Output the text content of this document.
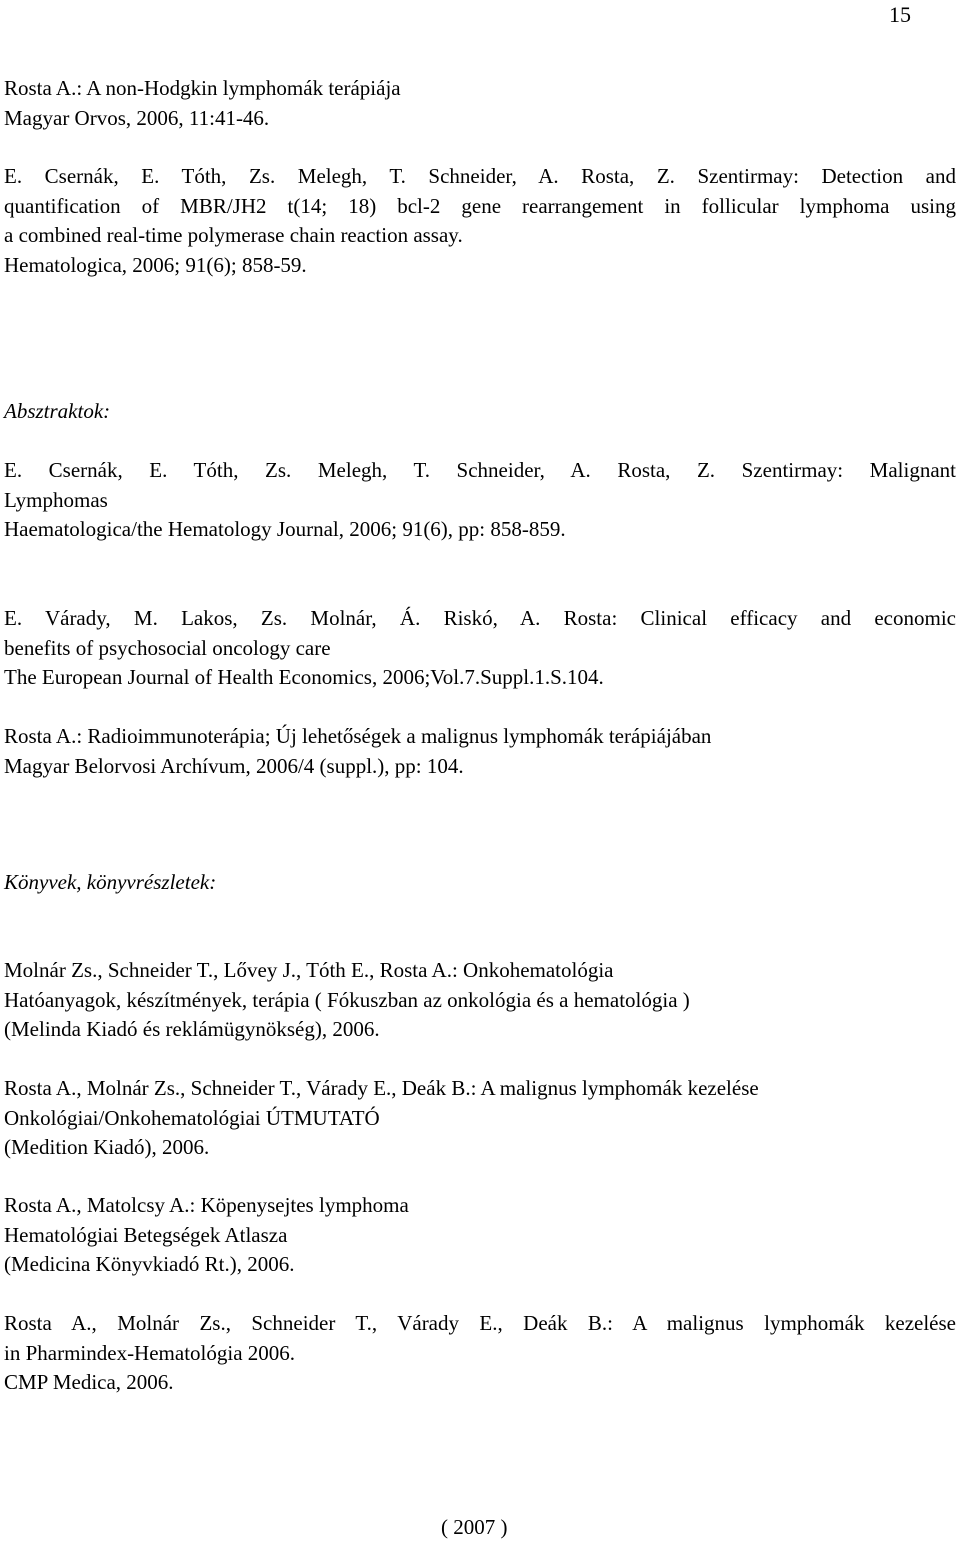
15
Rosta A.: A non-Hodgkin lymphomák terápiája
Magyar Orvos, 2006, 11:41-46.
E. Csernák, E. Tóth, Zs. Melegh, T. Schneider, A. Rosta, Z. Szentirmay: Detection and
quantification of MBR/JH2 t(14; 18) bcl-2 gene rearrangement in follicular lymphoma using
a combined real-time polymerase chain reaction assay.
Hematologica, 2006; 91(6); 858-59.
Absztraktok:
E. Csernák, E. Tóth, Zs. Melegh, T. Schneider, A. Rosta, Z. Szentirmay: Malignant
Lymphomas
Haematologica/the Hematology Journal, 2006; 91(6), pp: 858-859.
E. Várady, M. Lakos, Zs. Molnár, Á. Riskó, A. Rosta: Clinical efficacy and economic
benefits of psychosocial oncology care
The European Journal of Health Economics, 2006;Vol.7.Suppl.1.S.104.
Rosta A.: Radioimmunoterápia; Új lehetőségek a malignus lymphomák terápiájában
Magyar Belorvosi Archívum, 2006/4 (suppl.), pp: 104.
Könyvek, könyvrészletek:
Molnár Zs., Schneider T., Lővey J., Tóth E., Rosta A.: Onkohematológia
Hatóanyagok, készítmények, terápia ( Fókuszban az onkológia és a hematológia )
(Melinda Kiadó és reklámügynökség), 2006.
Rosta A., Molnár Zs., Schneider T., Várady E., Deák B.: A malignus lymphomák kezelése
Onkológiai/Onkohematológiai ÚTMUTATÓ
(Medition Kiadó), 2006.
Rosta A., Matolcsy A.: Köpenysejtes lymphoma
Hematológiai Betegségek Atlasza
(Medicina Könyvkiadó Rt.), 2006.
Rosta A., Molnár Zs., Schneider T., Várady E., Deák B.: A malignus lymphomák kezelése
in Pharmindex-Hematológia 2006.
CMP Medica, 2006.
( 2007 )
